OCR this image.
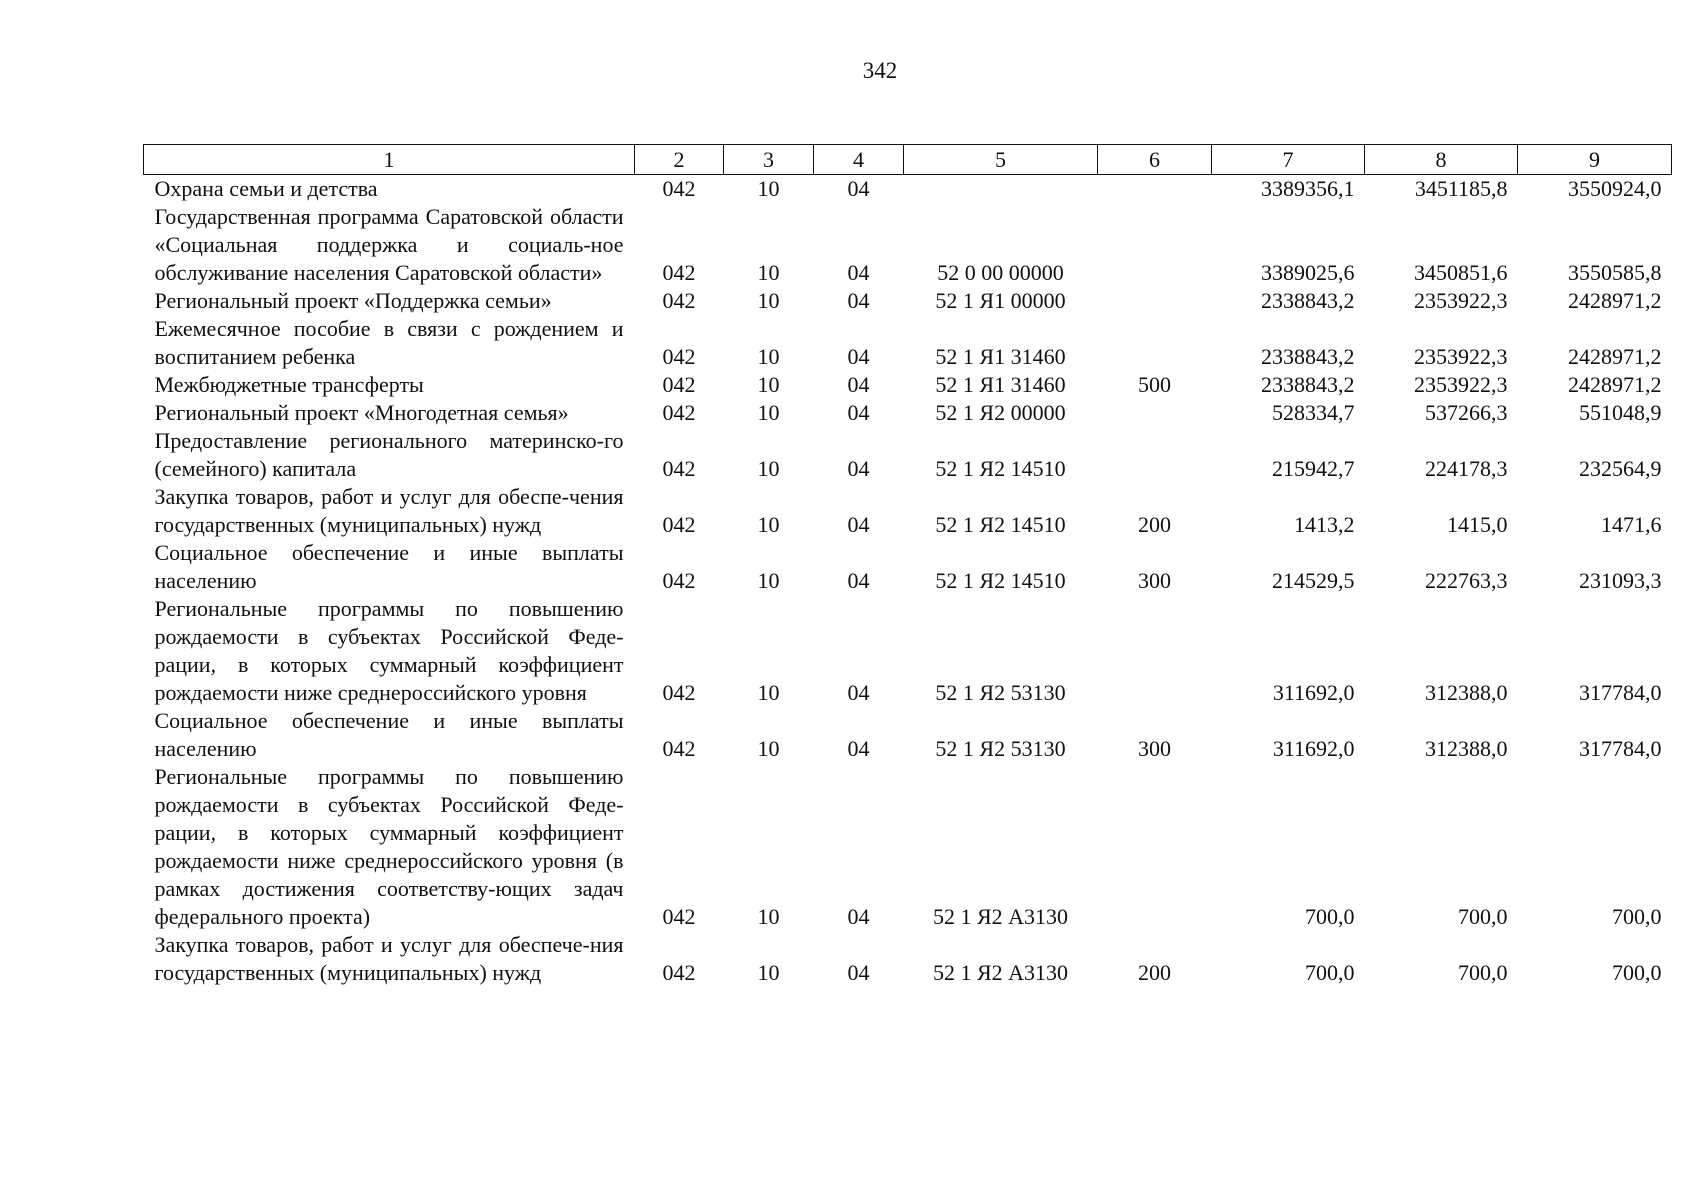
342
1	2	3	4	5	6	7	8	9
Охрана семьи и детства	042	10	04			3389356,1	3451185,8	3550924,0
Государственная программа Саратовской области «Социальная поддержка и социаль-ное обслуживание населения Саратовской области»	042	10	04	52 0 00 00000		3389025,6	3450851,6	3550585,8
Региональный проект «Поддержка семьи»	042	10	04	52 1 Я1 00000		2338843,2	2353922,3	2428971,2
Ежемесячное пособие в связи с рождением и воспитанием ребенка	042	10	04	52 1 Я1 31460		2338843,2	2353922,3	2428971,2
Межбюджетные трансферты	042	10	04	52 1 Я1 31460	500	2338843,2	2353922,3	2428971,2
Региональный проект «Многодетная семья»	042	10	04	52 1 Я2 00000		528334,7	537266,3	551048,9
Предоставление регионального материнско-го (семейного) капитала	042	10	04	52 1 Я2 14510		215942,7	224178,3	232564,9
Закупка товаров, работ и услуг для обеспе-чения государственных (муниципальных) нужд	042	10	04	52 1 Я2 14510	200	1413,2	1415,0	1471,6
Социальное обеспечение и иные выплаты населению	042	10	04	52 1 Я2 14510	300	214529,5	222763,3	231093,3
Региональные программы по повышению рождаемости в субъектах Российской Феде-рации, в которых суммарный коэффициент рождаемости ниже среднероссийского уровня	042	10	04	52 1 Я2 53130		311692,0	312388,0	317784,0
Социальное обеспечение и иные выплаты населению	042	10	04	52 1 Я2 53130	300	311692,0	312388,0	317784,0
Региональные программы по повышению рождаемости в субъектах Российской Феде-рации, в которых суммарный коэффициент рождаемости ниже среднероссийского уровня (в рамках достижения соответству-ющих задач федерального проекта)	042	10	04	52 1 Я2 А3130		700,0	700,0	700,0
Закупка товаров, работ и услуг для обеспече-ния государственных (муниципальных) нужд	042	10	04	52 1 Я2 А3130	200	700,0	700,0	700,0
